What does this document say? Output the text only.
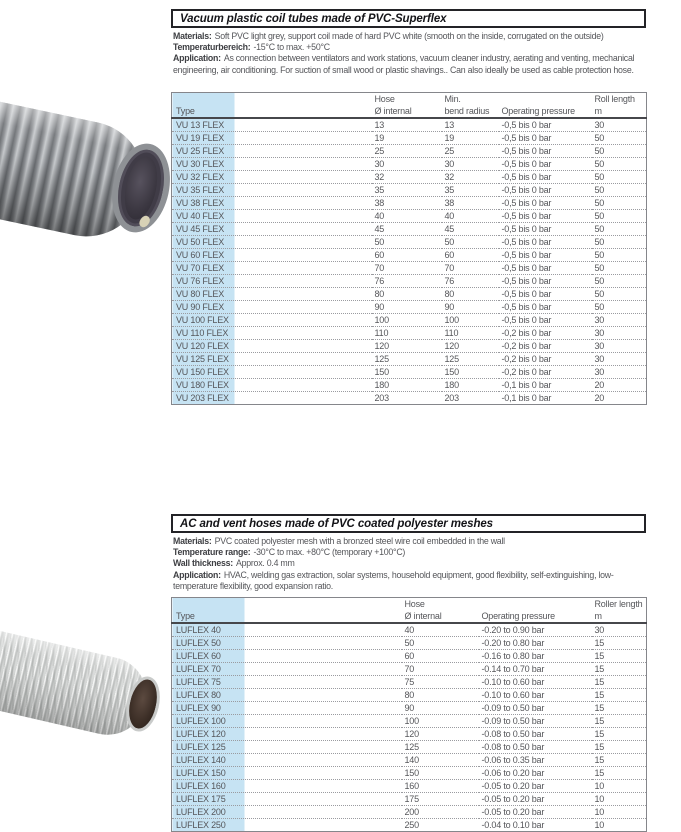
Vacuum plastic coil tubes made of PVC-Superflex

Materials: Soft PVC light grey, support coil made of hard PVC white (smooth on the inside, corrugated on the outside)

Temperaturbereich: -15°C to max. +50°C

Application: As connection between ventilators and work stations, vacuum cleaner industry, aerating and venting, mechanical engineering, air conditioning. For suction of small wood or plastic shavings.. Can also ideally be used as cable protection hose.

	Hose	Min.		Roll length
Type	Ø internal	bend radius	Operating pressure	m
VU 13 FLEX	13	13	-0,5 bis 0 bar	30
VU 19 FLEX	19	19	-0,5 bis 0 bar	50
VU 25 FLEX	25	25	-0,5 bis 0 bar	50
VU 30 FLEX	30	30	-0,5 bis 0 bar	50
VU 32 FLEX	32	32	-0,5 bis 0 bar	50
VU 35 FLEX	35	35	-0,5 bis 0 bar	50
VU 38 FLEX	38	38	-0,5 bis 0 bar	50
VU 40 FLEX	40	40	-0,5 bis 0 bar	50
VU 45 FLEX	45	45	-0,5 bis 0 bar	50
VU 50 FLEX	50	50	-0,5 bis 0 bar	50
VU 60 FLEX	60	60	-0,5 bis 0 bar	50
VU 70 FLEX	70	70	-0,5 bis 0 bar	50
VU 76 FLEX	76	76	-0,5 bis 0 bar	50
VU 80 FLEX	80	80	-0,5 bis 0 bar	50
VU 90 FLEX	90	90	-0,5 bis 0 bar	50
VU 100 FLEX	100	100	-0,5 bis 0 bar	30
VU 110 FLEX	110	110	-0,2 bis 0 bar	30
VU 120 FLEX	120	120	-0,2 bis 0 bar	30
VU 125 FLEX	125	125	-0,2 bis 0 bar	30
VU 150 FLEX	150	150	-0,2 bis 0 bar	30
VU 180 FLEX	180	180	-0,1 bis 0 bar	20
VU 203 FLEX	203	203	-0,1 bis 0 bar	20
AC and vent hoses made of PVC coated polyester meshes

Materials: PVC coated polyester mesh with a bronzed steel wire coil embedded in the wall

Temperature range: -30°C to max. +80°C (temporary +100°C)

Wall thickness: Approx. 0.4 mm

Application: HVAC, welding gas extraction, solar systems, household equipment, good flexibility, self-extinguishing, low-temperature flexibility, good expansion ratio.

	Hose		Roller length
Type	Ø internal	Operating pressure	m
LUFLEX 40	40	-0.20 to 0.90 bar	30
LUFLEX 50	50	-0.20 to 0.80 bar	15
LUFLEX 60	60	-0.16 to 0.80 bar	15
LUFLEX 70	70	-0.14 to 0.70 bar	15
LUFLEX 75	75	-0.10 to 0.60 bar	15
LUFLEX 80	80	-0.10 to 0.60 bar	15
LUFLEX 90	90	-0.09 to 0.50 bar	15
LUFLEX 100	100	-0.09 to 0.50 bar	15
LUFLEX 120	120	-0.08 to 0.50 bar	15
LUFLEX 125	125	-0.08 to 0.50 bar	15
LUFLEX 140	140	-0.06 to 0.35 bar	15
LUFLEX 150	150	-0.06 to 0.20 bar	15
LUFLEX 160	160	-0.05 to 0.20 bar	10
LUFLEX 175	175	-0.05 to 0.20 bar	10
LUFLEX 200	200	-0.05 to 0.20 bar	10
LUFLEX 250	250	-0.04 to 0.10 bar	10
